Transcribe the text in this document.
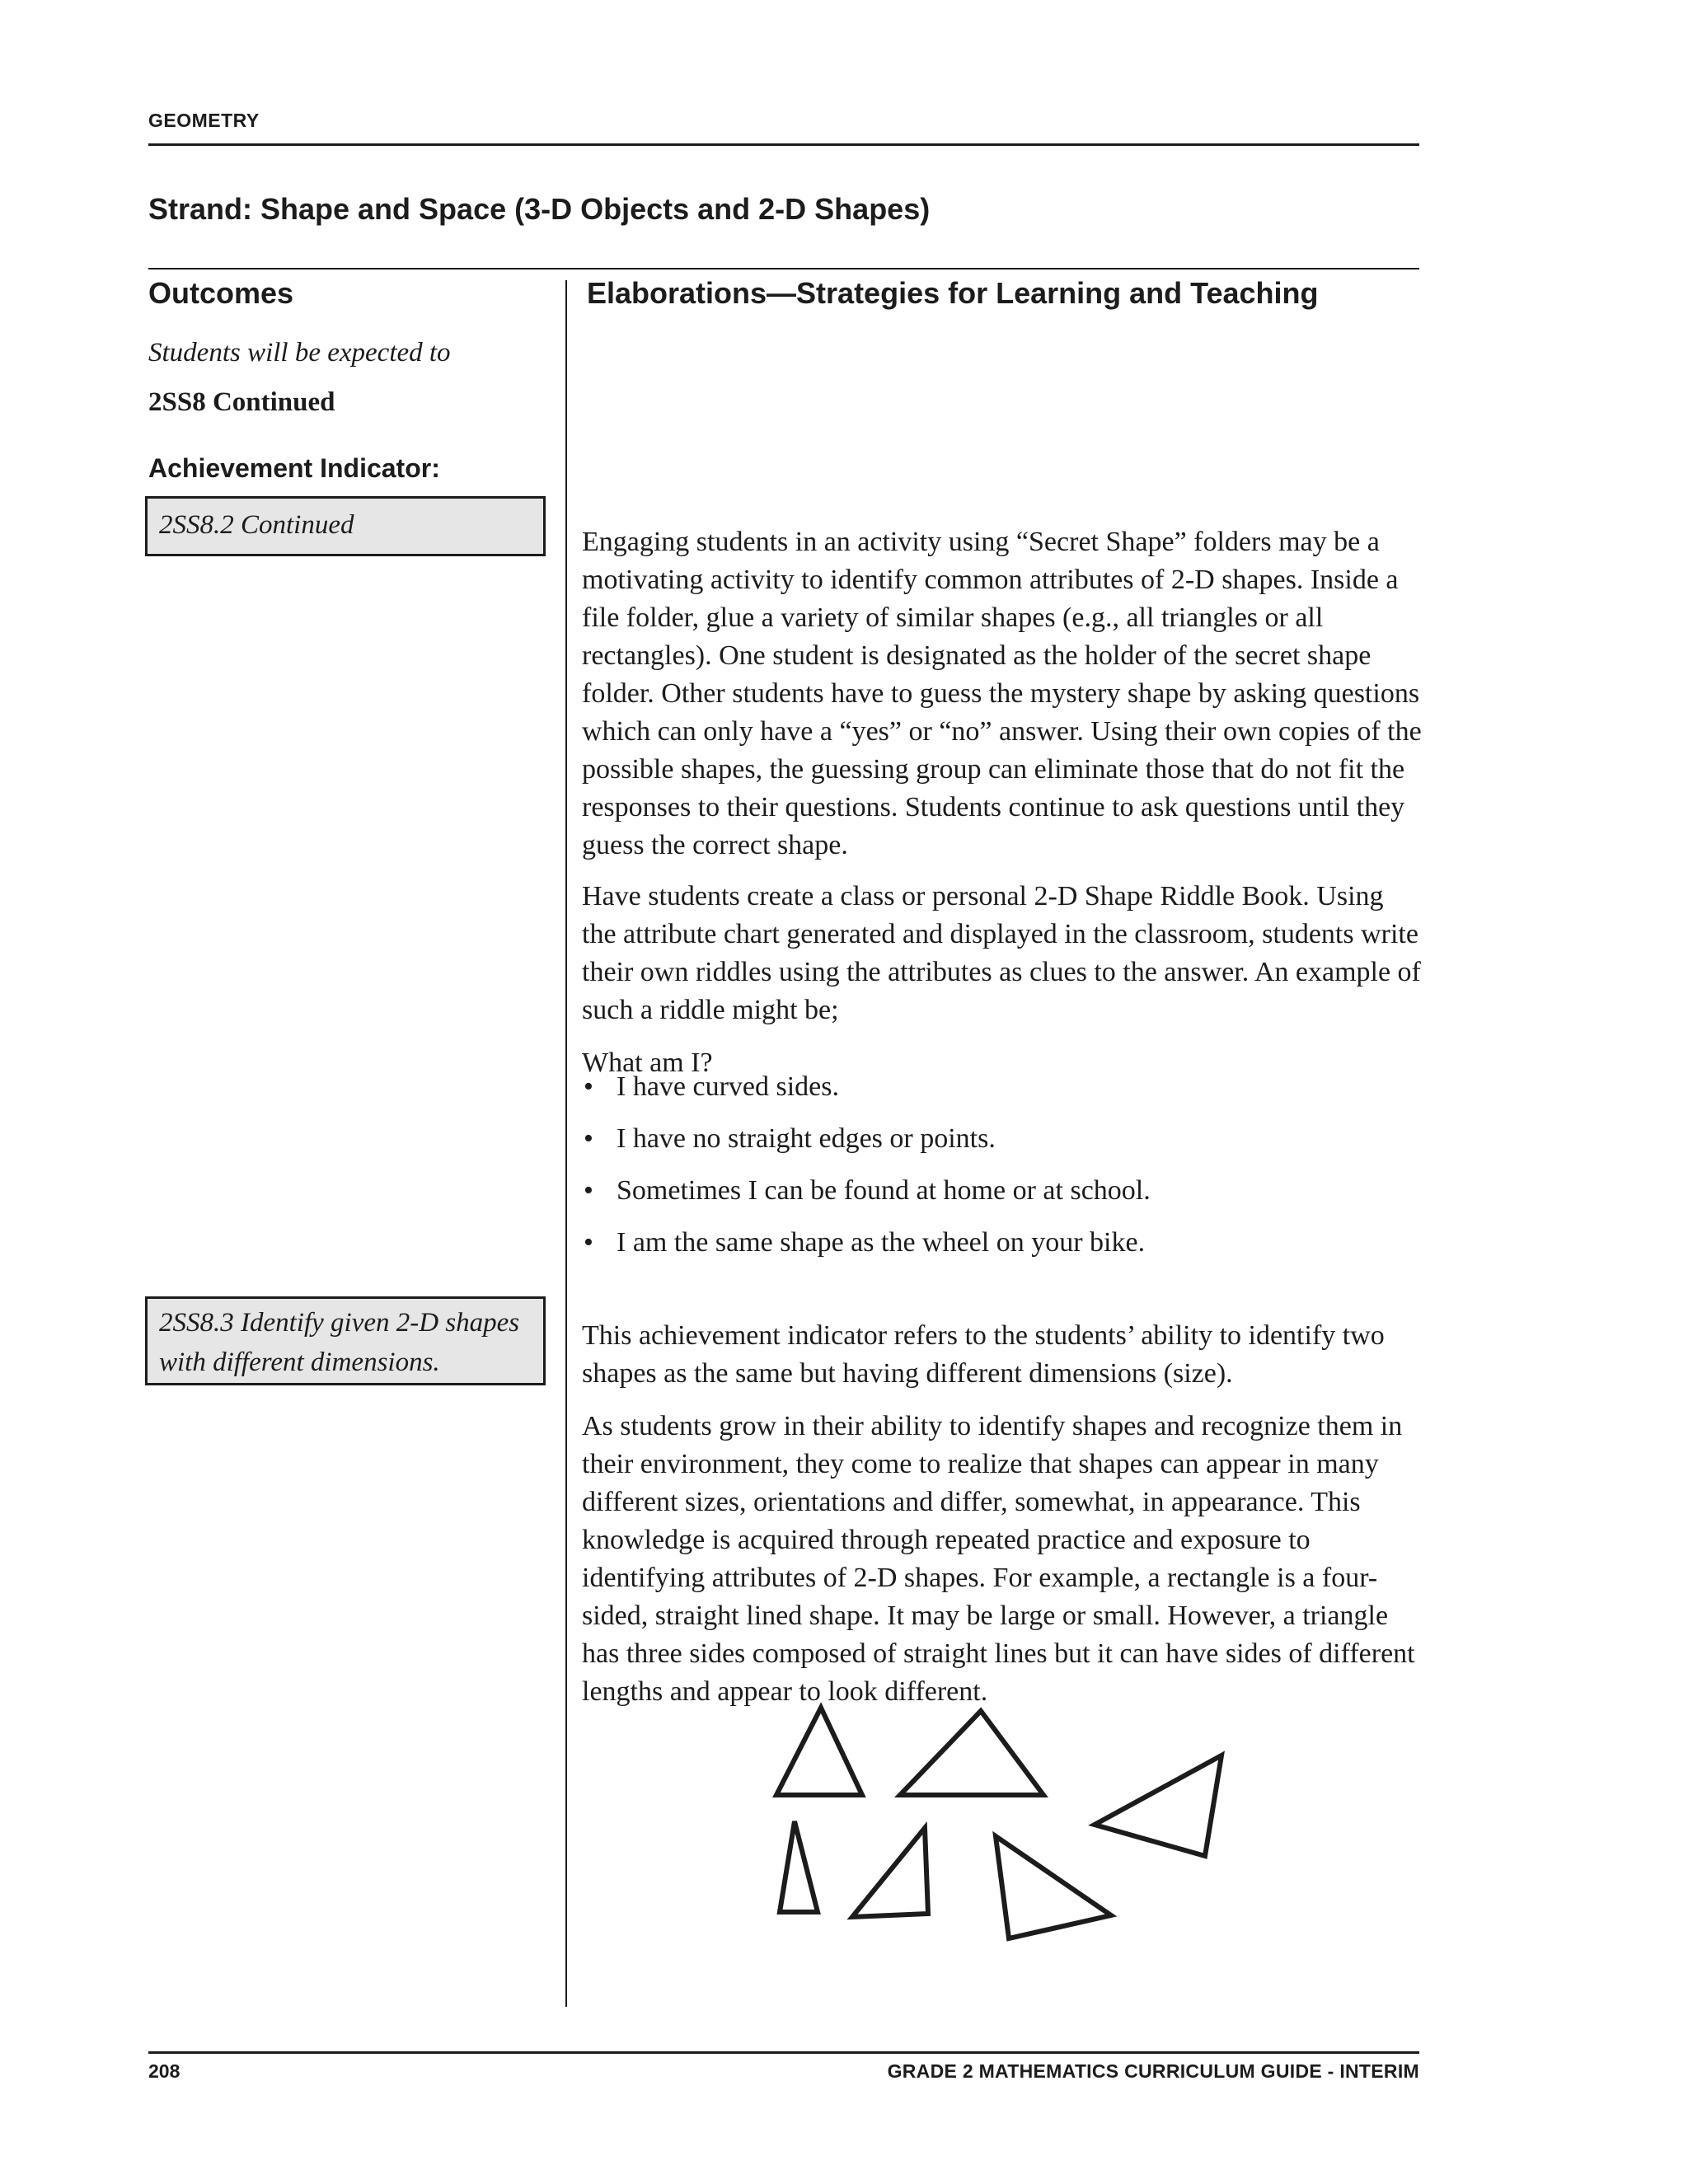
GEOMETRY
Strand: Shape and Space (3-D Objects and 2-D Shapes)
Outcomes
Students will be expected to
2SS8 Continued
Achievement Indicator:
2SS8.2 Continued
2SS8.3 Identify given 2-D shapes with different dimensions.
Elaborations—Strategies for Learning and Teaching

Engaging students in an activity using “Secret Shape” folders may be a motivating activity to identify common attributes of 2-D shapes. Inside a file folder, glue a variety of similar shapes (e.g., all triangles or all rectangles). One student is designated as the holder of the secret shape folder. Other students have to guess the mystery shape by asking questions which can only have a “yes” or “no” answer. Using their own copies of the possible shapes, the guessing group can eliminate those that do not fit the responses to their questions. Students continue to ask questions until they guess the correct shape.

Have students create a class or personal 2-D Shape Riddle Book. Using the attribute chart generated and displayed in the classroom, students write their own riddles using the attributes as clues to the answer. An example of such a riddle might be;

What am I?

• I have curved sides.
• I have no straight edges or points.
• Sometimes I can be found at home or at school.
• I am the same shape as the wheel on your bike.

This achievement indicator refers to the students’ ability to identify two shapes as the same but having different dimensions (size).

As students grow in their ability to identify shapes and recognize them in their environment, they come to realize that shapes can appear in many different sizes, orientations and differ, somewhat, in appearance. This knowledge is acquired through repeated practice and exposure to identifying attributes of 2-D shapes. For example, a rectangle is a four-sided, straight lined shape. It may be large or small. However, a triangle has three sides composed of straight lines but it can have sides of different lengths and appear to look different.

208	GRADE 2 MATHEMATICS CURRICULUM GUIDE - INTERIM
